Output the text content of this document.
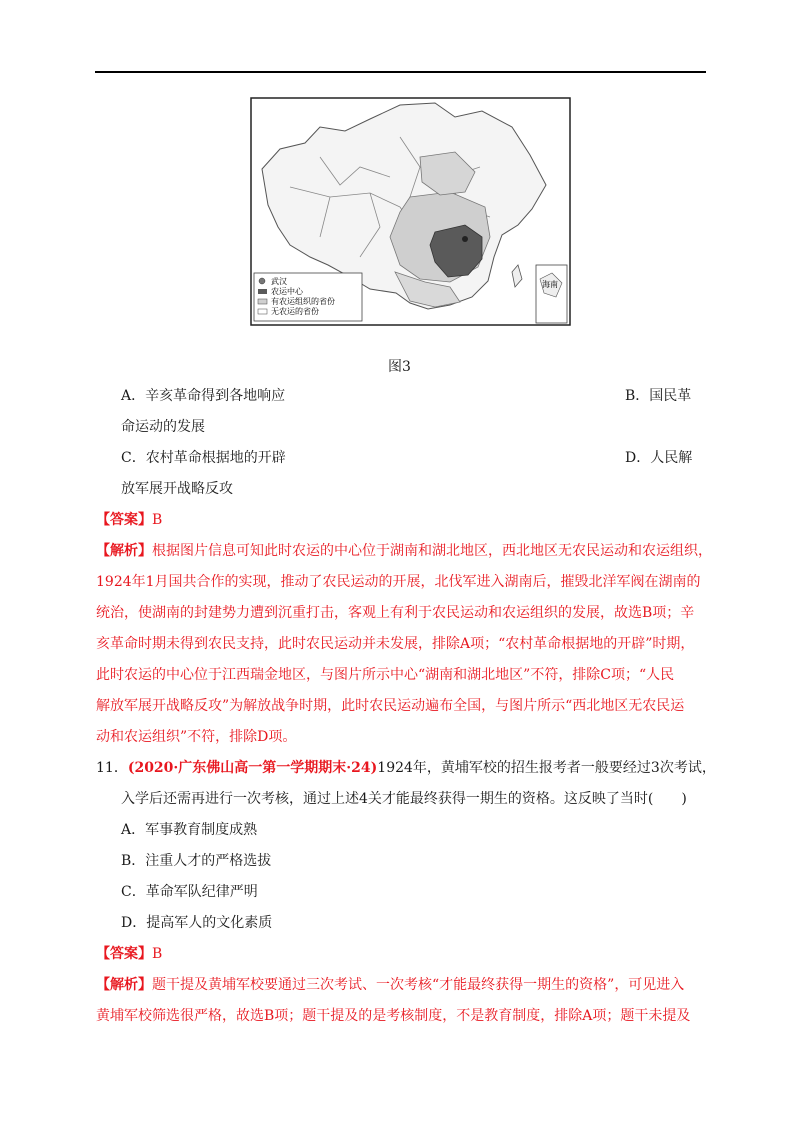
武汉
农运中心
有农运组织的省份
无农运的省份
海南
图3
A．辛亥革命得到各地响应	B．国民革
命运动的发展
C．农村革命根据地的开辟	D．人民解
放军展开战略反攻
【答案】B
【解析】根据图片信息可知此时农运的中心位于湖南和湖北地区，西北地区无农民运动和农运组织，
1924年1月国共合作的实现，推动了农民运动的开展，北伐军进入湖南后，摧毁北洋军阀在湖南的
统治，使湖南的封建势力遭到沉重打击，客观上有利于农民运动和农运组织的发展，故选B项；辛
亥革命时期未得到农民支持，此时农民运动并未发展，排除A项；“农村革命根据地的开辟”时期，
此时农运的中心位于江西瑞金地区，与图片所示中心“湖南和湖北地区”不符，排除C项；“人民
解放军展开战略反攻”为解放战争时期，此时农民运动遍布全国，与图片所示“西北地区无农民运
动和农运组织”不符，排除D项。
11．(2020·广东佛山高一第一学期期末·24)1924年，黄埔军校的招生报考者一般要经过3次考试，
入学后还需再进行一次考核，通过上述4关才能最终获得一期生的资格。这反映了当时(　　)
A．军事教育制度成熟
B．注重人才的严格选拔
C．革命军队纪律严明
D．提高军人的文化素质
【答案】B
【解析】题干提及黄埔军校要通过三次考试、一次考核“才能最终获得一期生的资格”，可见进入
黄埔军校筛选很严格，故选B项；题干提及的是考核制度，不是教育制度，排除A项；题干未提及
